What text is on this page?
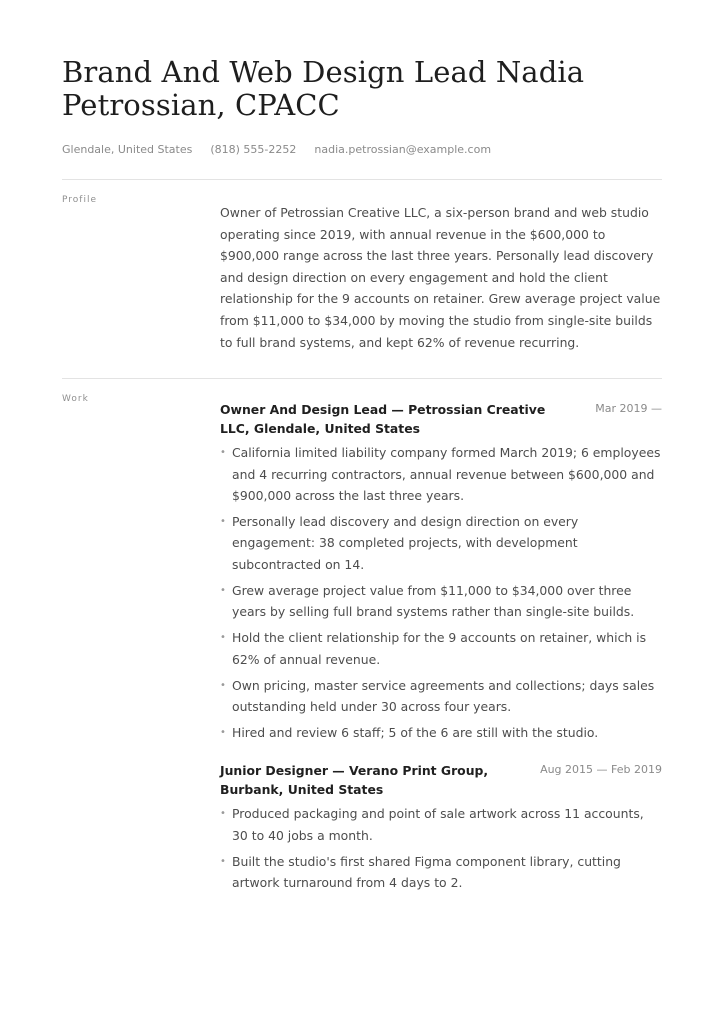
Brand And Web Design Lead Nadia Petrossian, CPACC
Glendale, United States (818) 555-2252 nadia.petrossian@example.com
Profile

Owner of Petrossian Creative LLC, a six-person brand and web studio operating since 2019, with annual revenue in the $600,000 to $900,000 range across the last three years. Personally lead discovery and design direction on every engagement and hold the client relationship for the 9 accounts on retainer. Grew average project value from $11,000 to $34,000 by moving the studio from single-site builds to full brand systems, and kept 62% of revenue recurring.

Work
Owner And Design Lead — Petrossian Creative LLC, Glendale, United States
Mar 2019 —
• California limited liability company formed March 2019; 6 employees and 4 recurring contractors, annual revenue between $600,000 and $900,000 across the last three years.
• Personally lead discovery and design direction on every engagement: 38 completed projects, with development subcontracted on 14.
• Grew average project value from $11,000 to $34,000 over three years by selling full brand systems rather than single-site builds.
• Hold the client relationship for the 9 accounts on retainer, which is 62% of annual revenue.
• Own pricing, master service agreements and collections; days sales outstanding held under 30 across four years.
• Hired and review 6 staff; 5 of the 6 are still with the studio.
Junior Designer — Verano Print Group, Burbank, United States
Aug 2015 — Feb 2019
• Produced packaging and point of sale artwork across 11 accounts, 30 to 40 jobs a month.
• Built the studio's first shared Figma component library, cutting artwork turnaround from 4 days to 2.
